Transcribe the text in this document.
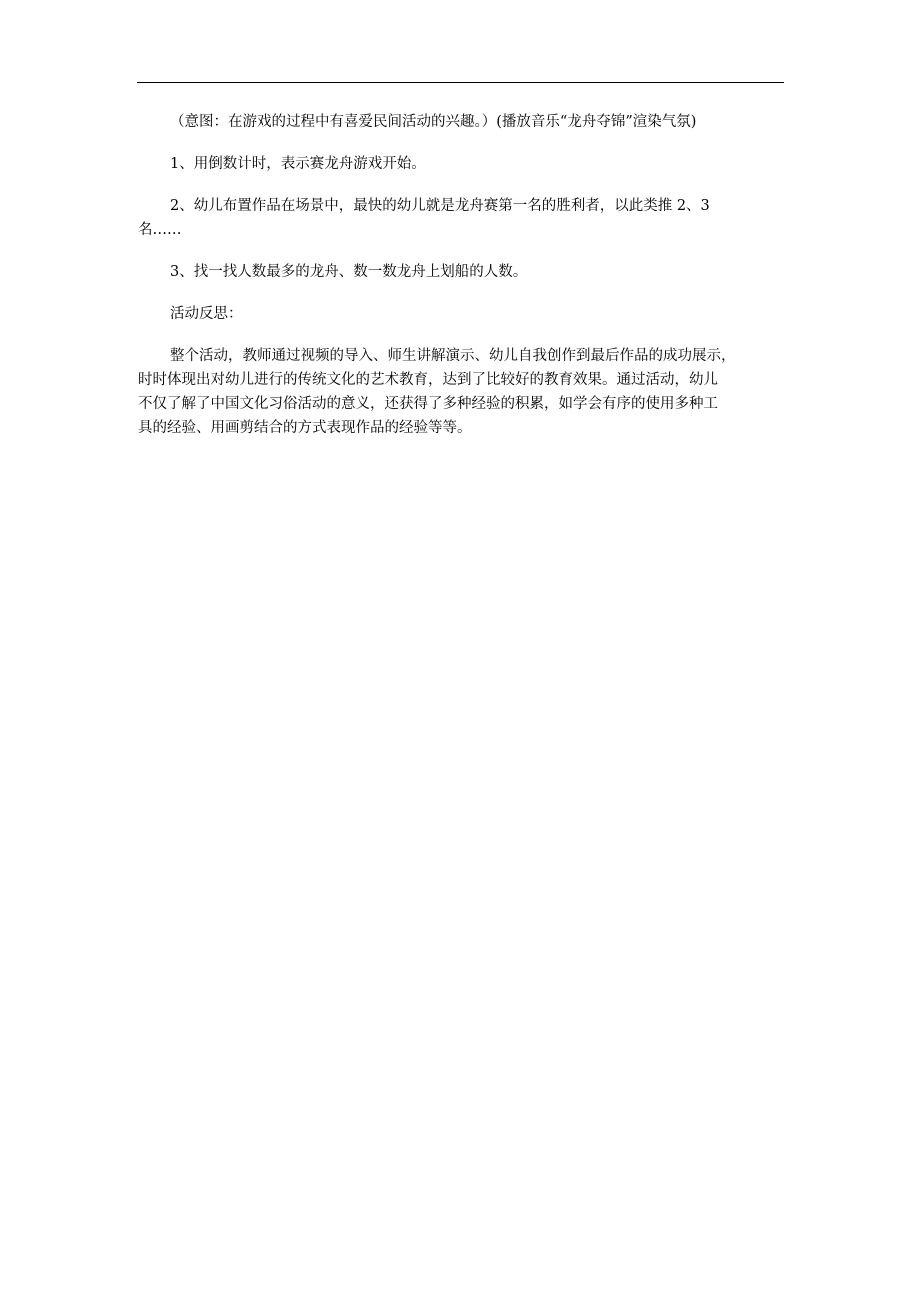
（意图：在游戏的过程中有喜爱民间活动的兴趣。）(播放音乐“龙舟夺锦”渲染气氛)

1、用倒数计时，表示赛龙舟游戏开始。

2、幼儿布置作品在场景中，最快的幼儿就是龙舟赛第一名的胜利者，以此类推 2、3
名……

3、找一找人数最多的龙舟、数一数龙舟上划船的人数。

活动反思：

整个活动，教师通过视频的导入、师生讲解演示、幼儿自我创作到最后作品的成功展示，
时时体现出对幼儿进行的传统文化的艺术教育，达到了比较好的教育效果。通过活动，幼儿
不仅了解了中国文化习俗活动的意义，还获得了多种经验的积累，如学会有序的使用多种工
具的经验、用画剪结合的方式表现作品的经验等等。
